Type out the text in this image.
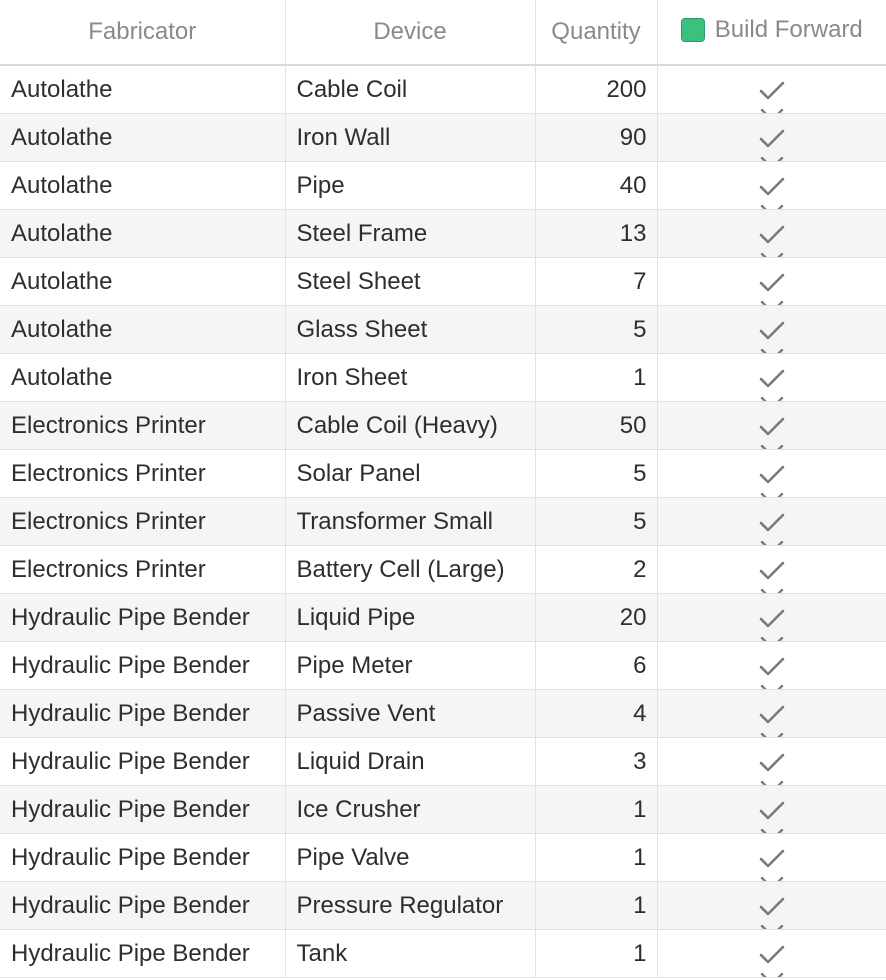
Fabricator	Device	Quantity	Build Forward

Autolathe	Cable Coil	200	

Autolathe	Iron Wall	90	

Autolathe	Pipe	40	

Autolathe	Steel Frame	13	

Autolathe	Steel Sheet	7	

Autolathe	Glass Sheet	5	

Autolathe	Iron Sheet	1	

Electronics Printer	Cable Coil (Heavy)	50	

Electronics Printer	Solar Panel	5	

Electronics Printer	Transformer Small	5	

Electronics Printer	Battery Cell (Large)	2	

Hydraulic Pipe Bender	Liquid Pipe	20	

Hydraulic Pipe Bender	Pipe Meter	6	

Hydraulic Pipe Bender	Passive Vent	4	

Hydraulic Pipe Bender	Liquid Drain	3	

Hydraulic Pipe Bender	Ice Crusher	1	

Hydraulic Pipe Bender	Pipe Valve	1	

Hydraulic Pipe Bender	Pressure Regulator	1	

Hydraulic Pipe Bender	Tank	1	
